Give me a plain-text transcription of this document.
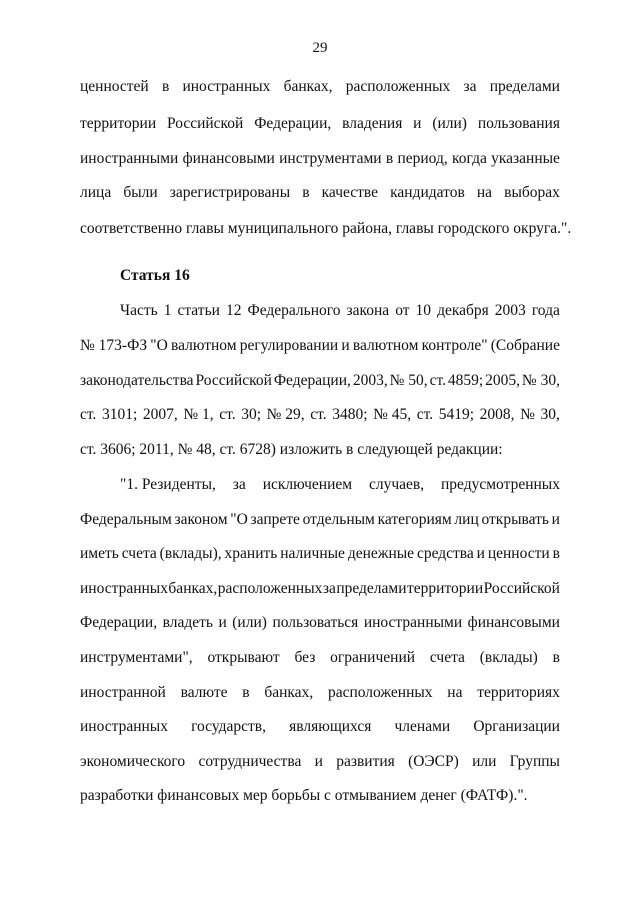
29
ценностей в иностранных банках, расположенных за пределами
территории Российской Федерации, владения и (или) пользования
иностранными финансовыми инструментами в период, когда указанные
лица были зарегистрированы в качестве кандидатов на выборах
соответственно главы муниципального района, главы городского округа.".
Статья 16
Часть 1 статьи 12 Федерального закона от 10 декабря 2003 года
№ 173-ФЗ "О валютном регулировании и валютном контроле" (Собрание
законодательства Российской Федерации, 2003, № 50, ст. 4859; 2005, № 30,
ст. 3101; 2007, № 1, ст. 30; № 29, ст. 3480; № 45, ст. 5419; 2008, № 30,
ст. 3606; 2011, № 48, ст. 6728) изложить в следующей редакции:
"1. Резиденты, за исключением случаев, предусмотренных
Федеральным законом "О запрете отдельным категориям лиц открывать и
иметь счета (вклады), хранить наличные денежные средства и ценности в
иностранных банках, расположенных за пределами территории Российской
Федерации, владеть и (или) пользоваться иностранными финансовыми
инструментами", открывают без ограничений счета (вклады) в
иностранной валюте в банках, расположенных на территориях
иностранных государств, являющихся членами Организации
экономического сотрудничества и развития (ОЭСР) или Группы
разработки финансовых мер борьбы с отмыванием денег (ФАТФ).".
